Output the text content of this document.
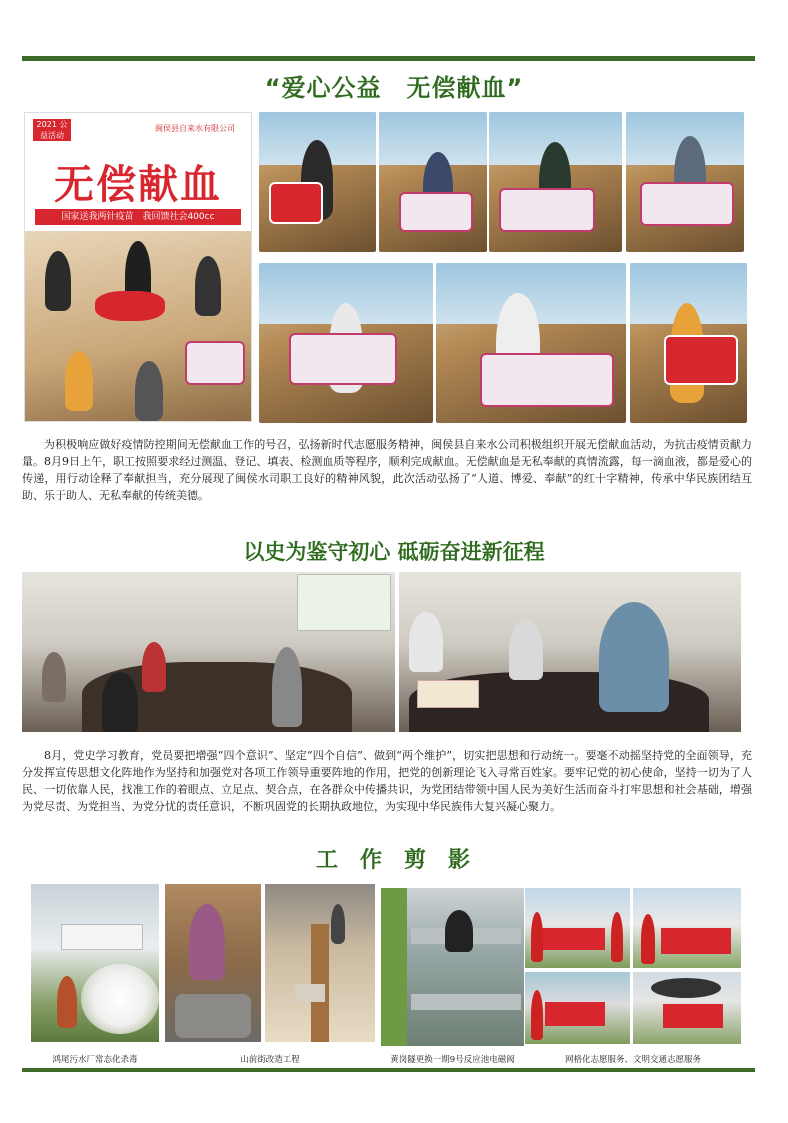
“爱心公益　无偿献血”
2021 公益活动
闽侯县自来水有限公司
无偿献血
国家送我两针疫苗　我回馈社会400cc

为积极响应做好疫情防控期间无偿献血工作的号召，弘扬新时代志愿服务精神，闽侯县自来水公司积极组织开展无偿献血活动，为抗击疫情贡献力量。8月9日上午，职工按照要求经过测温、登记、填表、检测血质等程序，顺利完成献血。无偿献血是无私奉献的真情流露，每一滴血液，都是爱心的传递，用行动诠释了奉献担当，充分展现了闽侯水司职工良好的精神风貌，此次活动弘扬了“人道、博爱、奉献”的红十字精神，传承中华民族团结互助、乐于助人、无私奉献的传统美德。

以史为鉴守初心 砥砺奋进新征程

8月，党史学习教育，党员要把增强“四个意识”、坚定“四个自信”、做到“两个维护”，切实把思想和行动统一。要毫不动摇坚持党的全面领导，充分发挥宣传思想文化阵地作为坚持和加强党对各项工作领导重要阵地的作用，把党的创新理论飞入寻常百姓家。要牢记党的初心使命，坚持一切为了人民、一切依靠人民，找准工作的着眼点、立足点、契合点，在各群众中传播共识，为党团结带领中国人民为美好生活而奋斗打牢思想和社会基础，增强为党尽责、为党担当、为党分忧的责任意识，不断巩固党的长期执政地位，为实现中华民族伟大复兴凝心聚力。

工作剪影
鸿尾污水厂常态化杀毒	山前街改造工程	黄岗隧更换一期9号反应池电磁阀	网格化志愿服务、文明交通志愿服务
